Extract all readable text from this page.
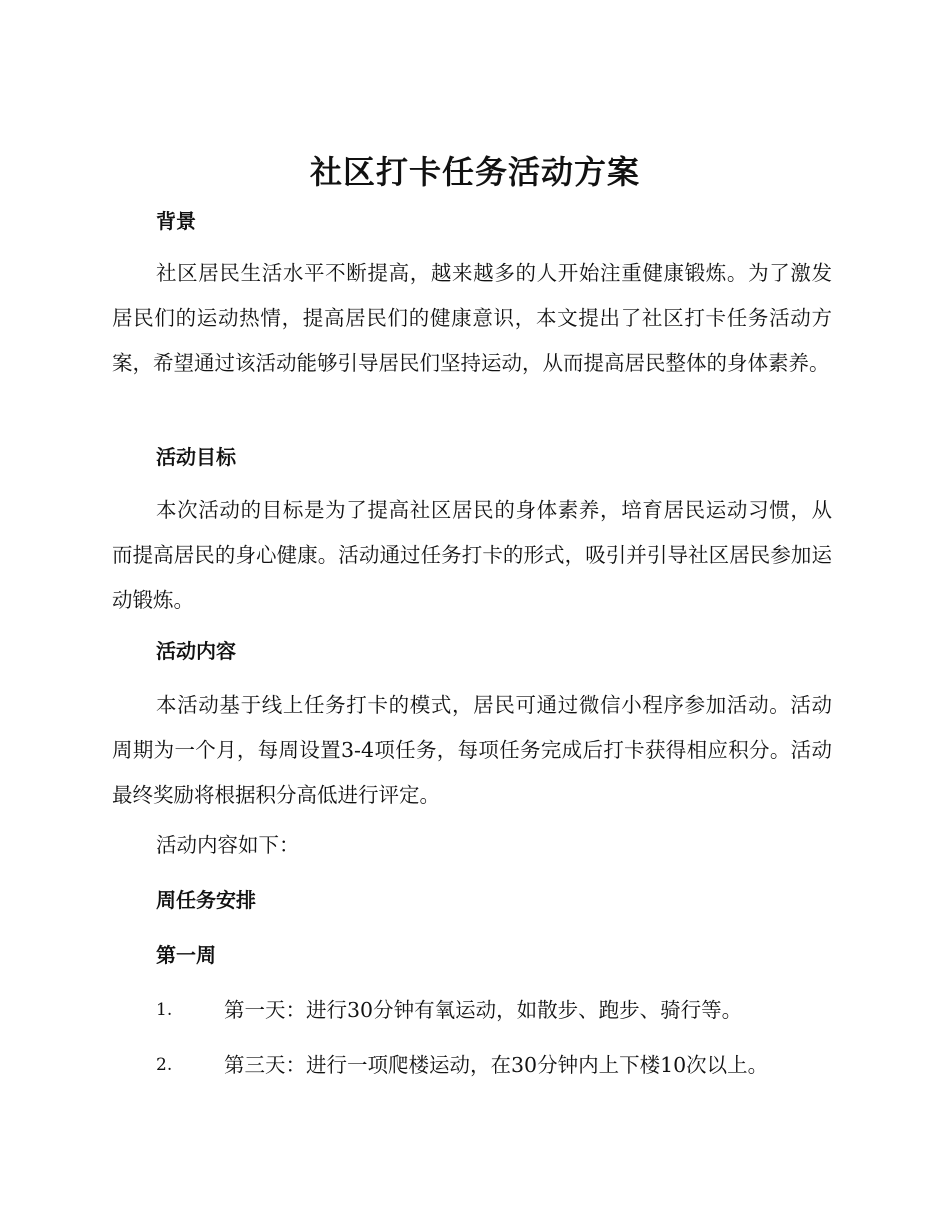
社区打卡任务活动方案
背景

社区居民生活水平不断提高，越来越多的人开始注重健康锻炼。为了激发居民们的运动热情，提高居民们的健康意识，本文提出了社区打卡任务活动方案，希望通过该活动能够引导居民们坚持运动，从而提高居民整体的身体素养。

活动目标

本次活动的目标是为了提高社区居民的身体素养，培育居民运动习惯，从而提高居民的身心健康。活动通过任务打卡的形式，吸引并引导社区居民参加运动锻炼。

活动内容

本活动基于线上任务打卡的模式，居民可通过微信小程序参加活动。活动周期为一个月，每周设置3-4项任务，每项任务完成后打卡获得相应积分。活动最终奖励将根据积分高低进行评定。

活动内容如下：

周任务安排
第一周
1.	第一天：进行30分钟有氧运动，如散步、跑步、骑行等。
2.	第三天：进行一项爬楼运动，在30分钟内上下楼10次以上。
